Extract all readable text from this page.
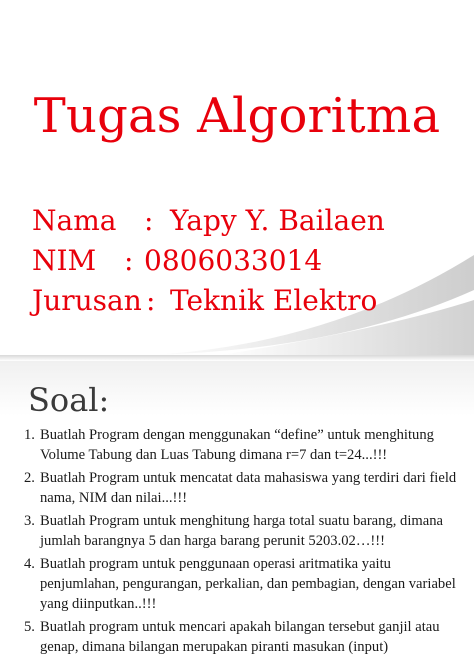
Tugas Algoritma
Nama : Yapy Y. Bailaen
NIM : 0806033014
Jurusan : Teknik Elektro
Soal:
1. Buatlah Program dengan menggunakan “define” untuk menghitung Volume Tabung dan Luas Tabung dimana r=7 dan t=24...!!!
2. Buatlah Program untuk mencatat data mahasiswa yang terdiri dari field nama, NIM dan nilai...!!!
3. Buatlah Program untuk menghitung harga total suatu barang, dimana jumlah barangnya 5 dan harga barang perunit 5203.02…!!!
4. Buatlah program untuk penggunaan operasi aritmatika yaitu penjumlahan, pengurangan, perkalian, dan pembagian, dengan variabel yang diinputkan..!!!
5. Buatlah program untuk mencari apakah bilangan tersebut ganjil atau genap, dimana bilangan merupakan piranti masukan (input)
